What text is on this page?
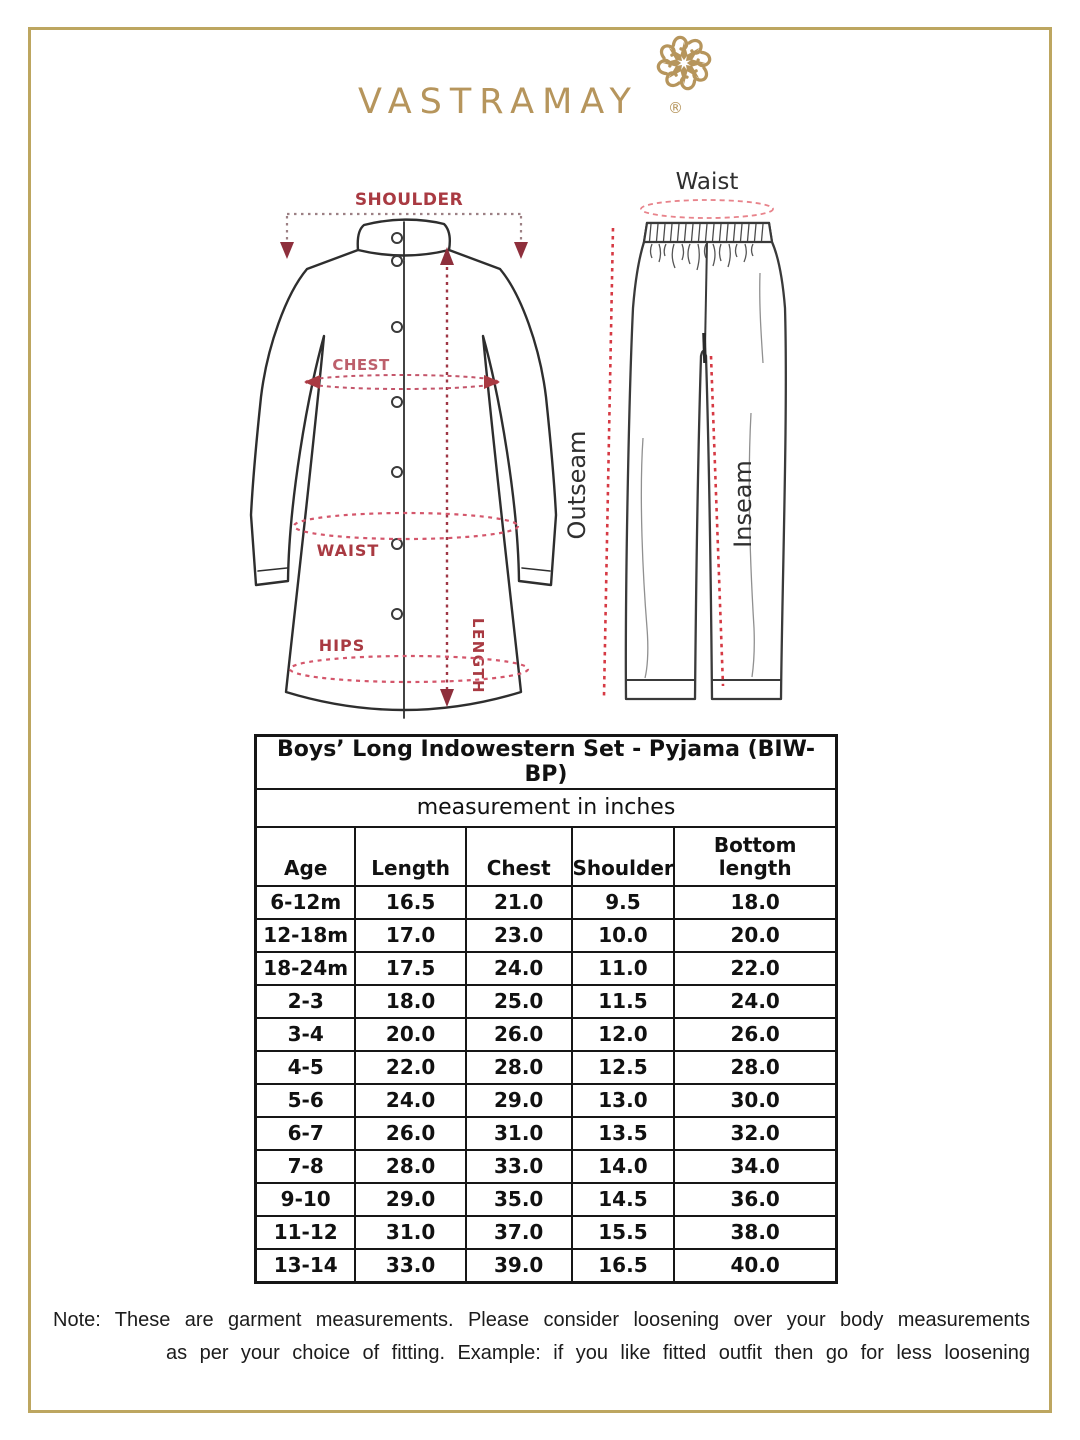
VASTRAMAY ®
SHOULDER
LENGTH
CHEST
WAIST
HIPS
Waist
Outseam	Inseam
Boys’ Long Indowestern Set - Pyjama (BIW-BP)				
measurement in inches				
Age	Length	Chest	Shoulder	Bottom length
6-12m	16.5	21.0	9.5	18.0
12-18m	17.0	23.0	10.0	20.0
18-24m	17.5	24.0	11.0	22.0
2-3	18.0	25.0	11.5	24.0
3-4	20.0	26.0	12.0	26.0
4-5	22.0	28.0	12.5	28.0
5-6	24.0	29.0	13.0	30.0
6-7	26.0	31.0	13.5	32.0
7-8	28.0	33.0	14.0	34.0
9-10	29.0	35.0	14.5	36.0
11-12	31.0	37.0	15.5	38.0
13-14	33.0	39.0	16.5	40.0

Note: These are garment measurements. Please consider loosening over your body measurements
as per your choice of fitting. Example: if you like fitted outfit then go for less loosening
